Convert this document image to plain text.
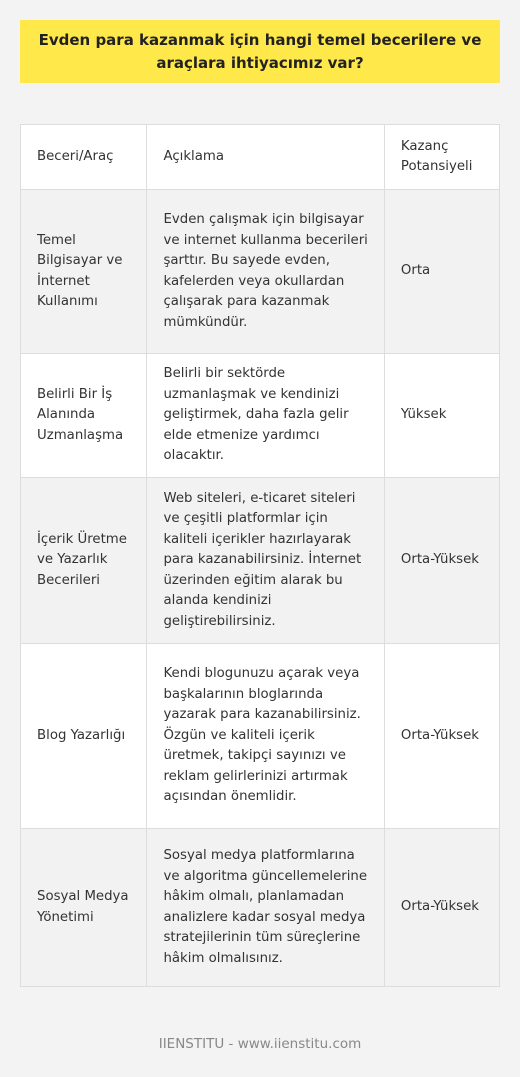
Evden para kazanmak için hangi temel becerilere ve araçlara ihtiyacımız var?
Beceri/Araç	Açıklama	Kazanç Potansiyeli
Temel Bilgisayar ve İnternet Kullanımı	Evden çalışmak için bilgisayar ve internet kullanma becerileri şarttır. Bu sayede evden, kafelerden veya okullardan çalışarak para kazanmak mümkündür.	Orta
Belirli Bir İş Alanında Uzmanlaşma	Belirli bir sektörde uzmanlaşmak ve kendinizi geliştirmek, daha fazla gelir elde etmenize yardımcı olacaktır.	Yüksek
İçerik Üretme ve Yazarlık Becerileri	Web siteleri, e-ticaret siteleri ve çeşitli platformlar için kaliteli içerikler hazırlayarak para kazanabilirsiniz. İnternet üzerinden eğitim alarak bu alanda kendinizi geliştirebilirsiniz.	Orta-Yüksek
Blog Yazarlığı	Kendi blogunuzu açarak veya başkalarının bloglarında yazarak para kazanabilirsiniz. Özgün ve kaliteli içerik üretmek, takipçi sayınızı ve reklam gelirlerinizi artırmak açısından önemlidir.	Orta-Yüksek
Sosyal Medya Yönetimi	Sosyal medya platformlarına ve algoritma güncellemelerine hâkim olmalı, planlamadan analizlere kadar sosyal medya stratejilerinin tüm süreçlerine hâkim olmalısınız.	Orta-Yüksek
IIENSTITU - www.iienstitu.com
